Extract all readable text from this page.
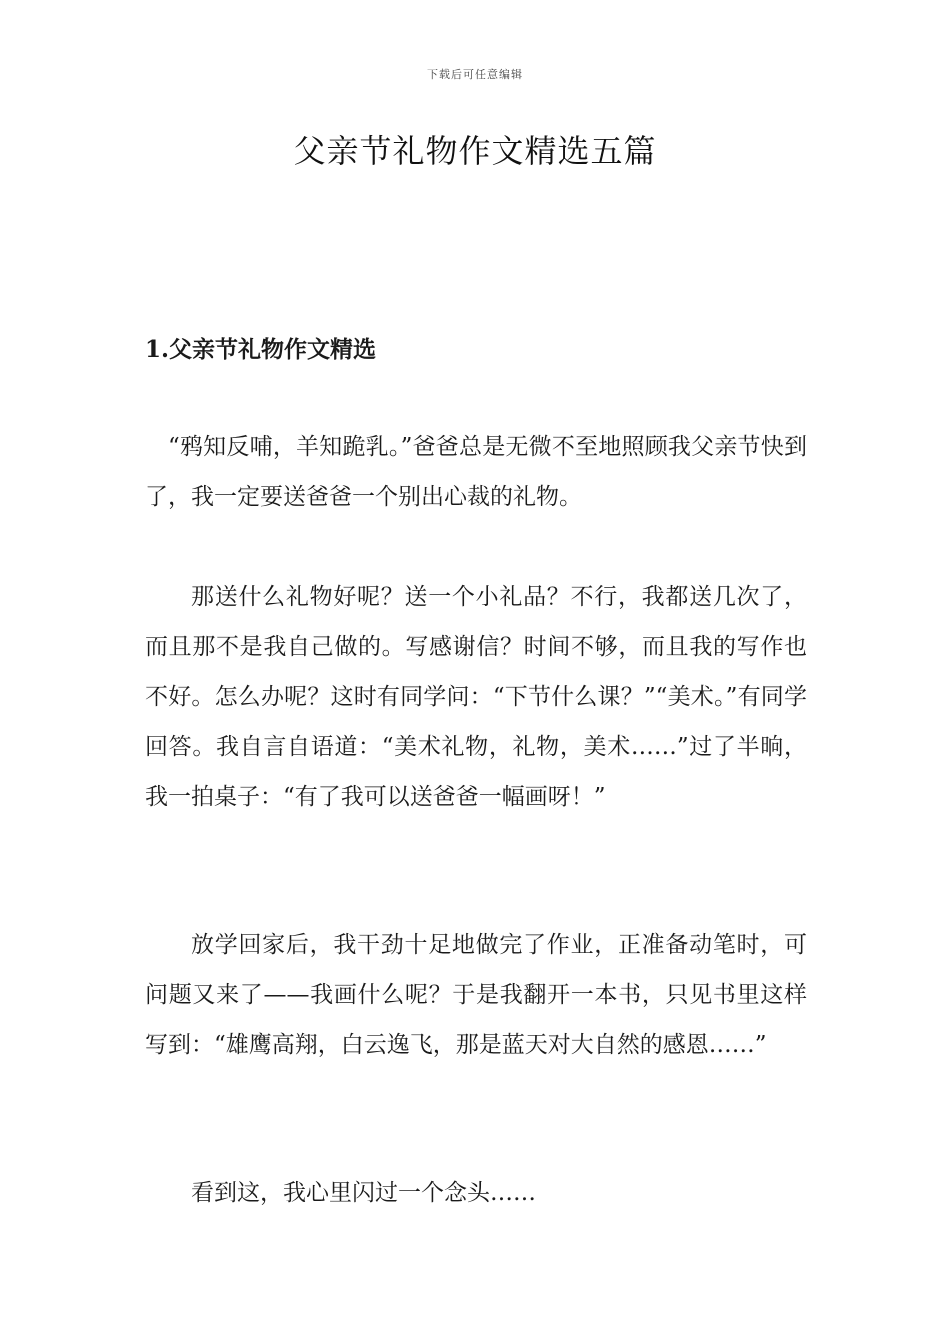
下载后可任意编辑
父亲节礼物作文精选五篇
1.父亲节礼物作文精选

“鸦知反哺，羊知跪乳。”爸爸总是无微不至地照顾我父亲节快到了，我一定要送爸爸一个别出心裁的礼物。

那送什么礼物好呢？送一个小礼品？不行，我都送几次了，而且那不是我自己做的。写感谢信？时间不够，而且我的写作也不好。怎么办呢？这时有同学问：“下节什么课？”“美术。”有同学回答。我自言自语道：“美术礼物，礼物，美术……”过了半晌，我一拍桌子：“有了我可以送爸爸一幅画呀！”

放学回家后，我干劲十足地做完了作业，正准备动笔时，可问题又来了——我画什么呢？于是我翻开一本书，只见书里这样写到：“雄鹰高翔，白云逸飞，那是蓝天对大自然的感恩……”

看到这，我心里闪过一个念头……
